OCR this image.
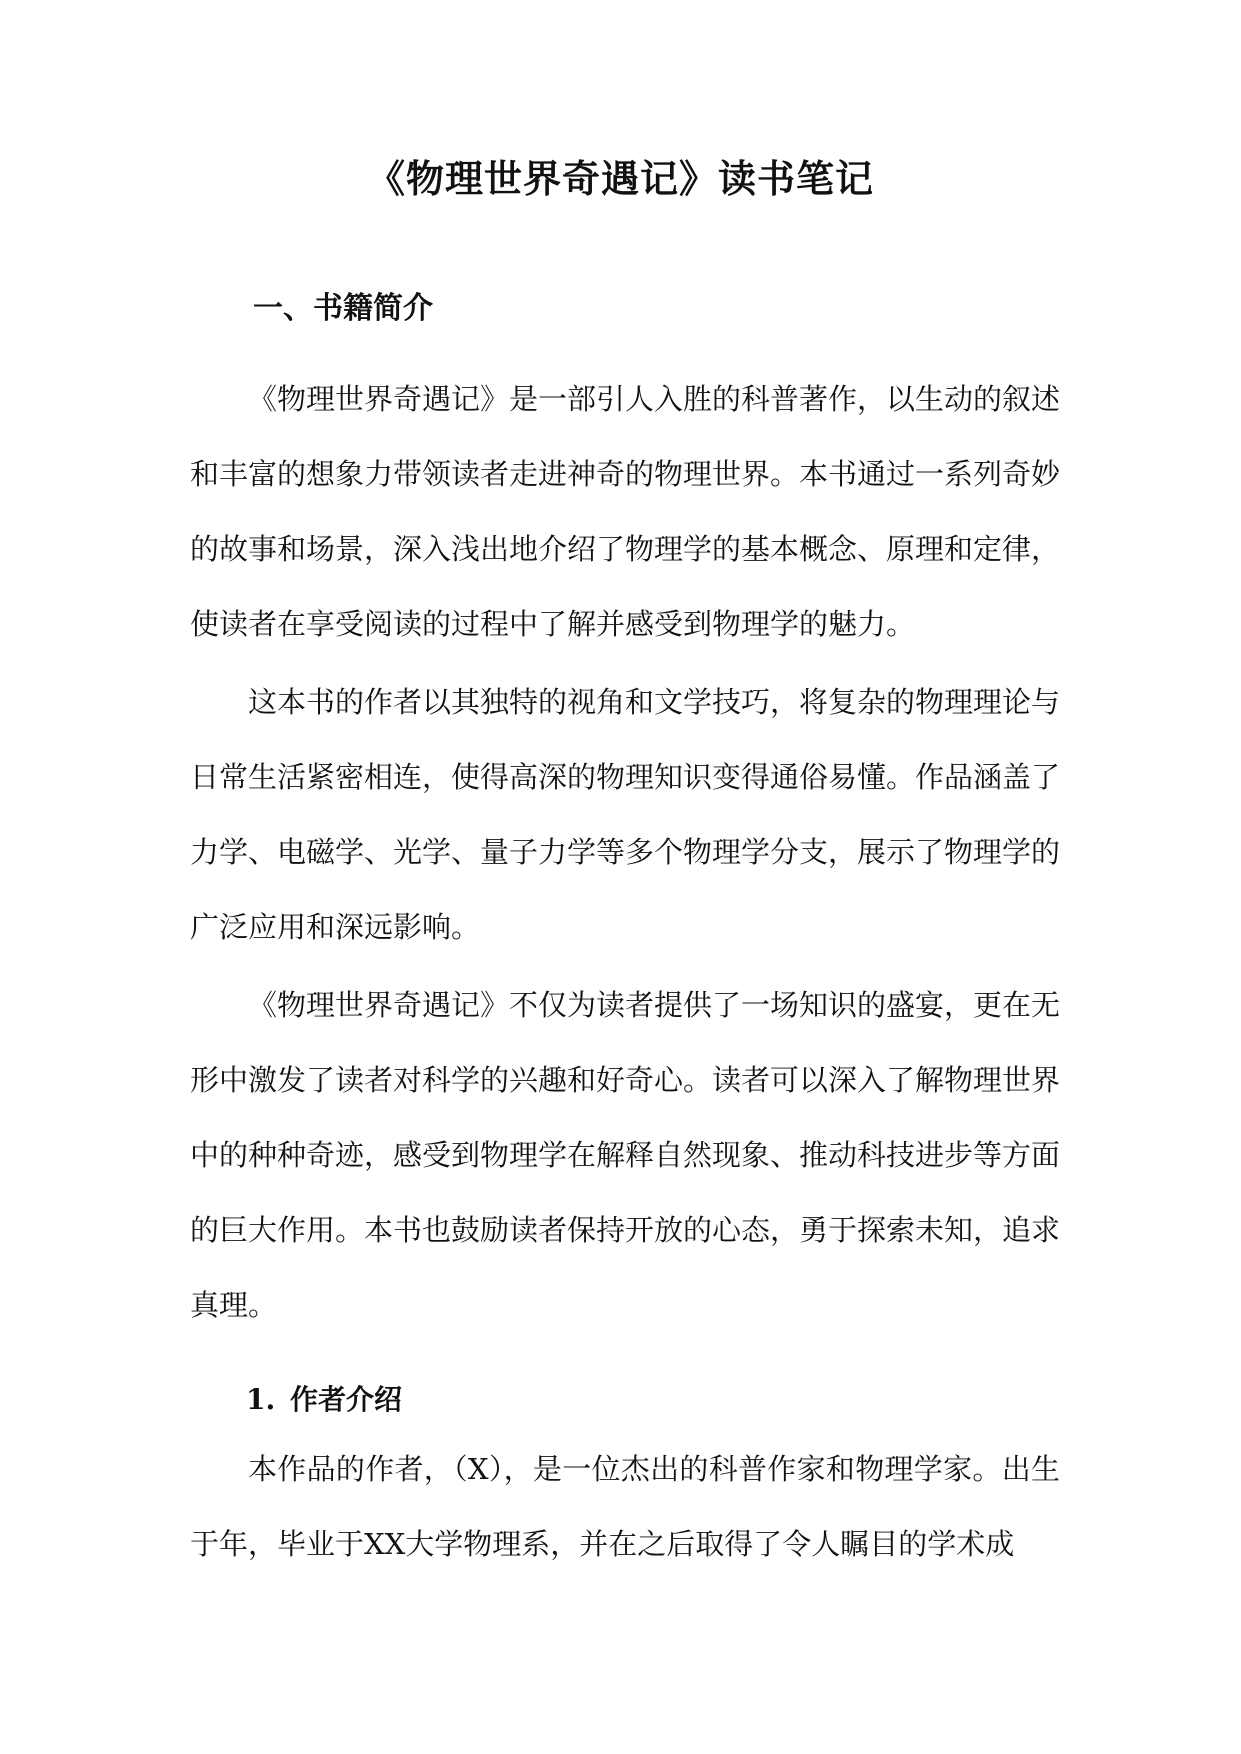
《物理世界奇遇记》读书笔记
一、书籍简介

《物理世界奇遇记》是一部引人入胜的科普著作，以生动的叙述和丰富的想象力带领读者走进神奇的物理世界。本书通过一系列奇妙的故事和场景，深入浅出地介绍了物理学的基本概念、原理和定律，使读者在享受阅读的过程中了解并感受到物理学的魅力。

这本书的作者以其独特的视角和文学技巧，将复杂的物理理论与日常生活紧密相连，使得高深的物理知识变得通俗易懂。作品涵盖了力学、电磁学、光学、量子力学等多个物理学分支，展示了物理学的广泛应用和深远影响。

《物理世界奇遇记》不仅为读者提供了一场知识的盛宴，更在无形中激发了读者对科学的兴趣和好奇心。读者可以深入了解物理世界中的种种奇迹，感受到物理学在解释自然现象、推动科技进步等方面的巨大作用。本书也鼓励读者保持开放的心态，勇于探索未知，追求真理。

1. 作者介绍

本作品的作者，（X），是一位杰出的科普作家和物理学家。出生于年，毕业于XX大学物理系，并在之后取得了令人瞩目的学术成
